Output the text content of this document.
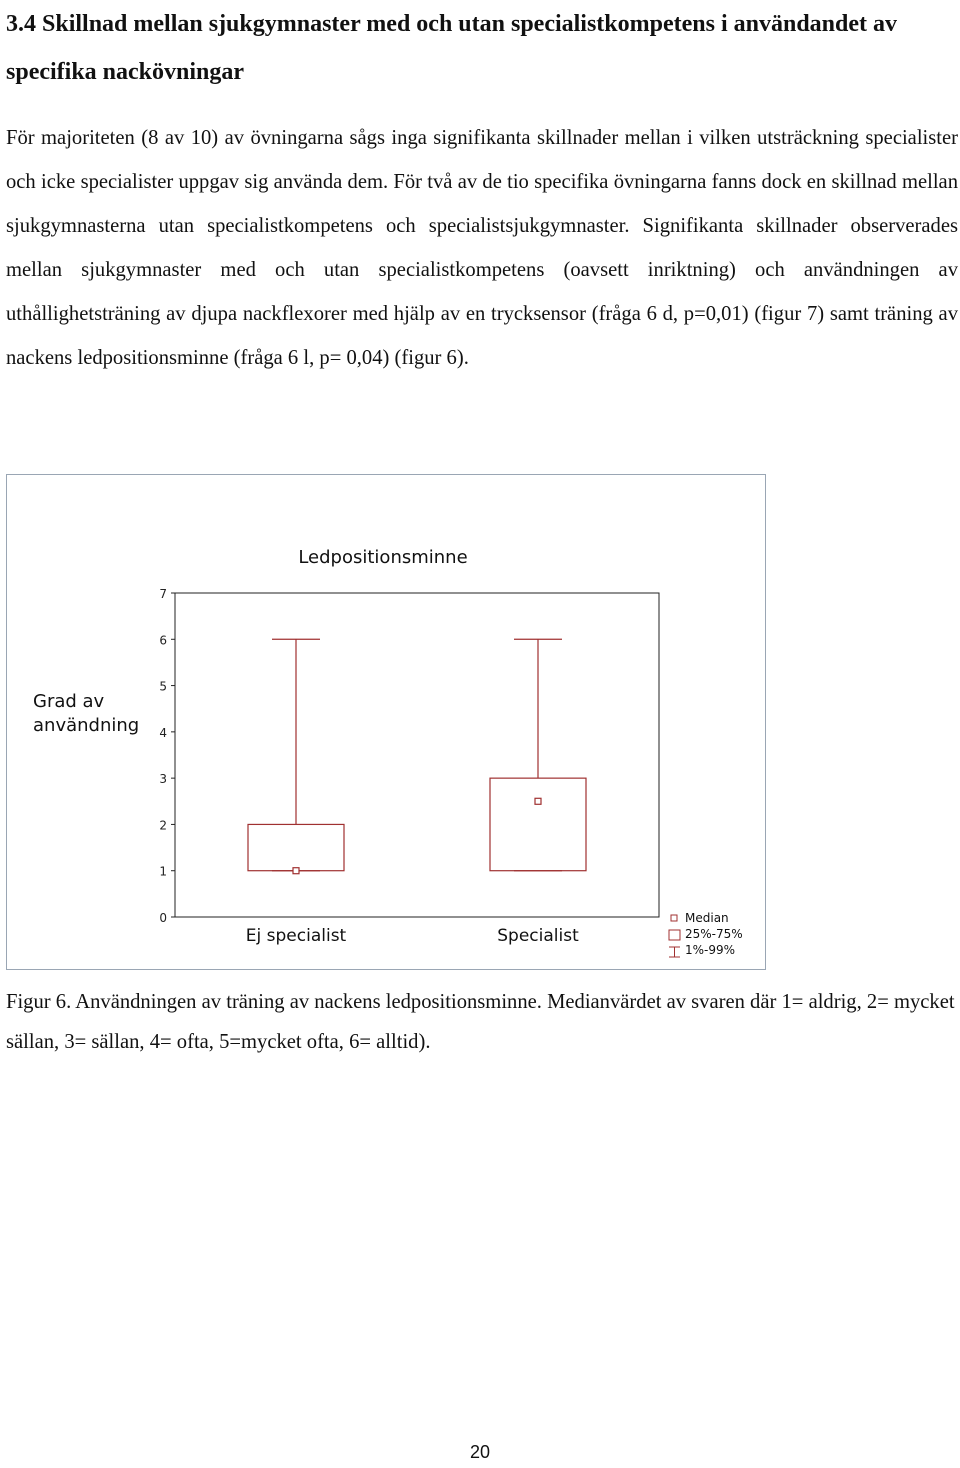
3.4 Skillnad mellan sjukgymnaster med och utan specialistkompetens i användandet av specifika nackövningar

För majoriteten (8 av 10) av övningarna sågs inga signifikanta skillnader mellan i vilken utsträckning specialister och icke specialister uppgav sig använda dem. För två av de tio specifika övningarna fanns dock en skillnad mellan sjukgymnasterna utan specialistkompetens och specialistsjukgymnaster. Signifikanta skillnader observerades mellan sjukgymnaster med och utan specialistkompetens (oavsett inriktning) och användningen av uthållighetsträning av djupa nackflexorer med hjälp av en trycksensor (fråga 6 d, p=0,01) (figur 7) samt träning av nackens ledpositionsminne (fråga 6 l, p= 0,04) (figur 6).

Ledpositionsminne
0
1
2
3
4
5
6
7
Grad av
användning
Ej specialist	Specialist
Median
25%-75%
1%-99%

Figur 6. Användningen av träning av nackens ledpositionsminne. Medianvärdet av svaren där 1= aldrig, 2= mycket sällan, 3= sällan, 4= ofta, 5=mycket ofta, 6= alltid).

20
